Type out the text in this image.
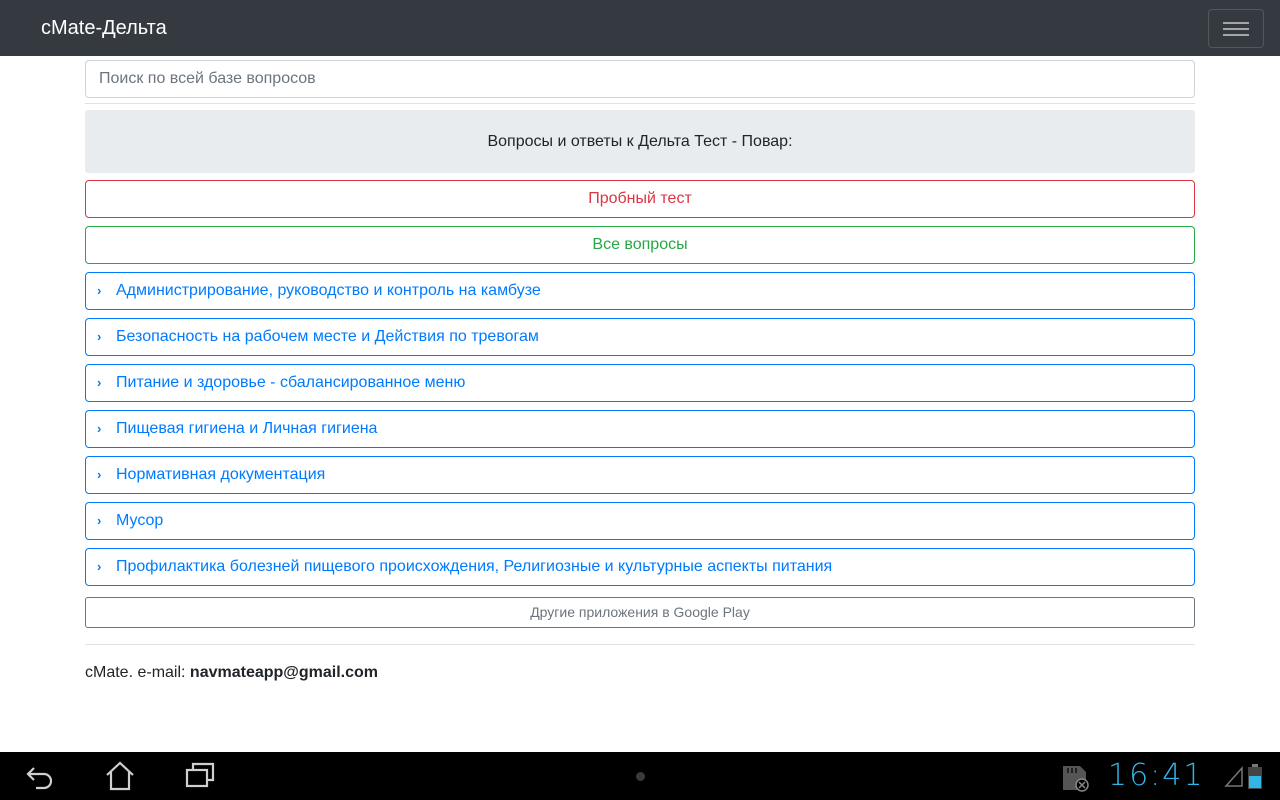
cMate-Дельта
Поиск по всей базе вопросов
Вопросы и ответы к Дельта Тест - Повар:
Пробный тест
Все вопросы
› Администрирование, руководство и контроль на камбузе
› Безопасность на рабочем месте и Действия по тревогам
› Питание и здоровье - сбалансированное меню
› Пищевая гигиена и Личная гигиена
› Нормативная документация
› Мусор
› Профилактика болезней пищевого происхождения, Религиозные и культурные аспекты питания
Другие приложения в Google Play
cMate. e-mail: navmateapp@gmail.com
16:41
